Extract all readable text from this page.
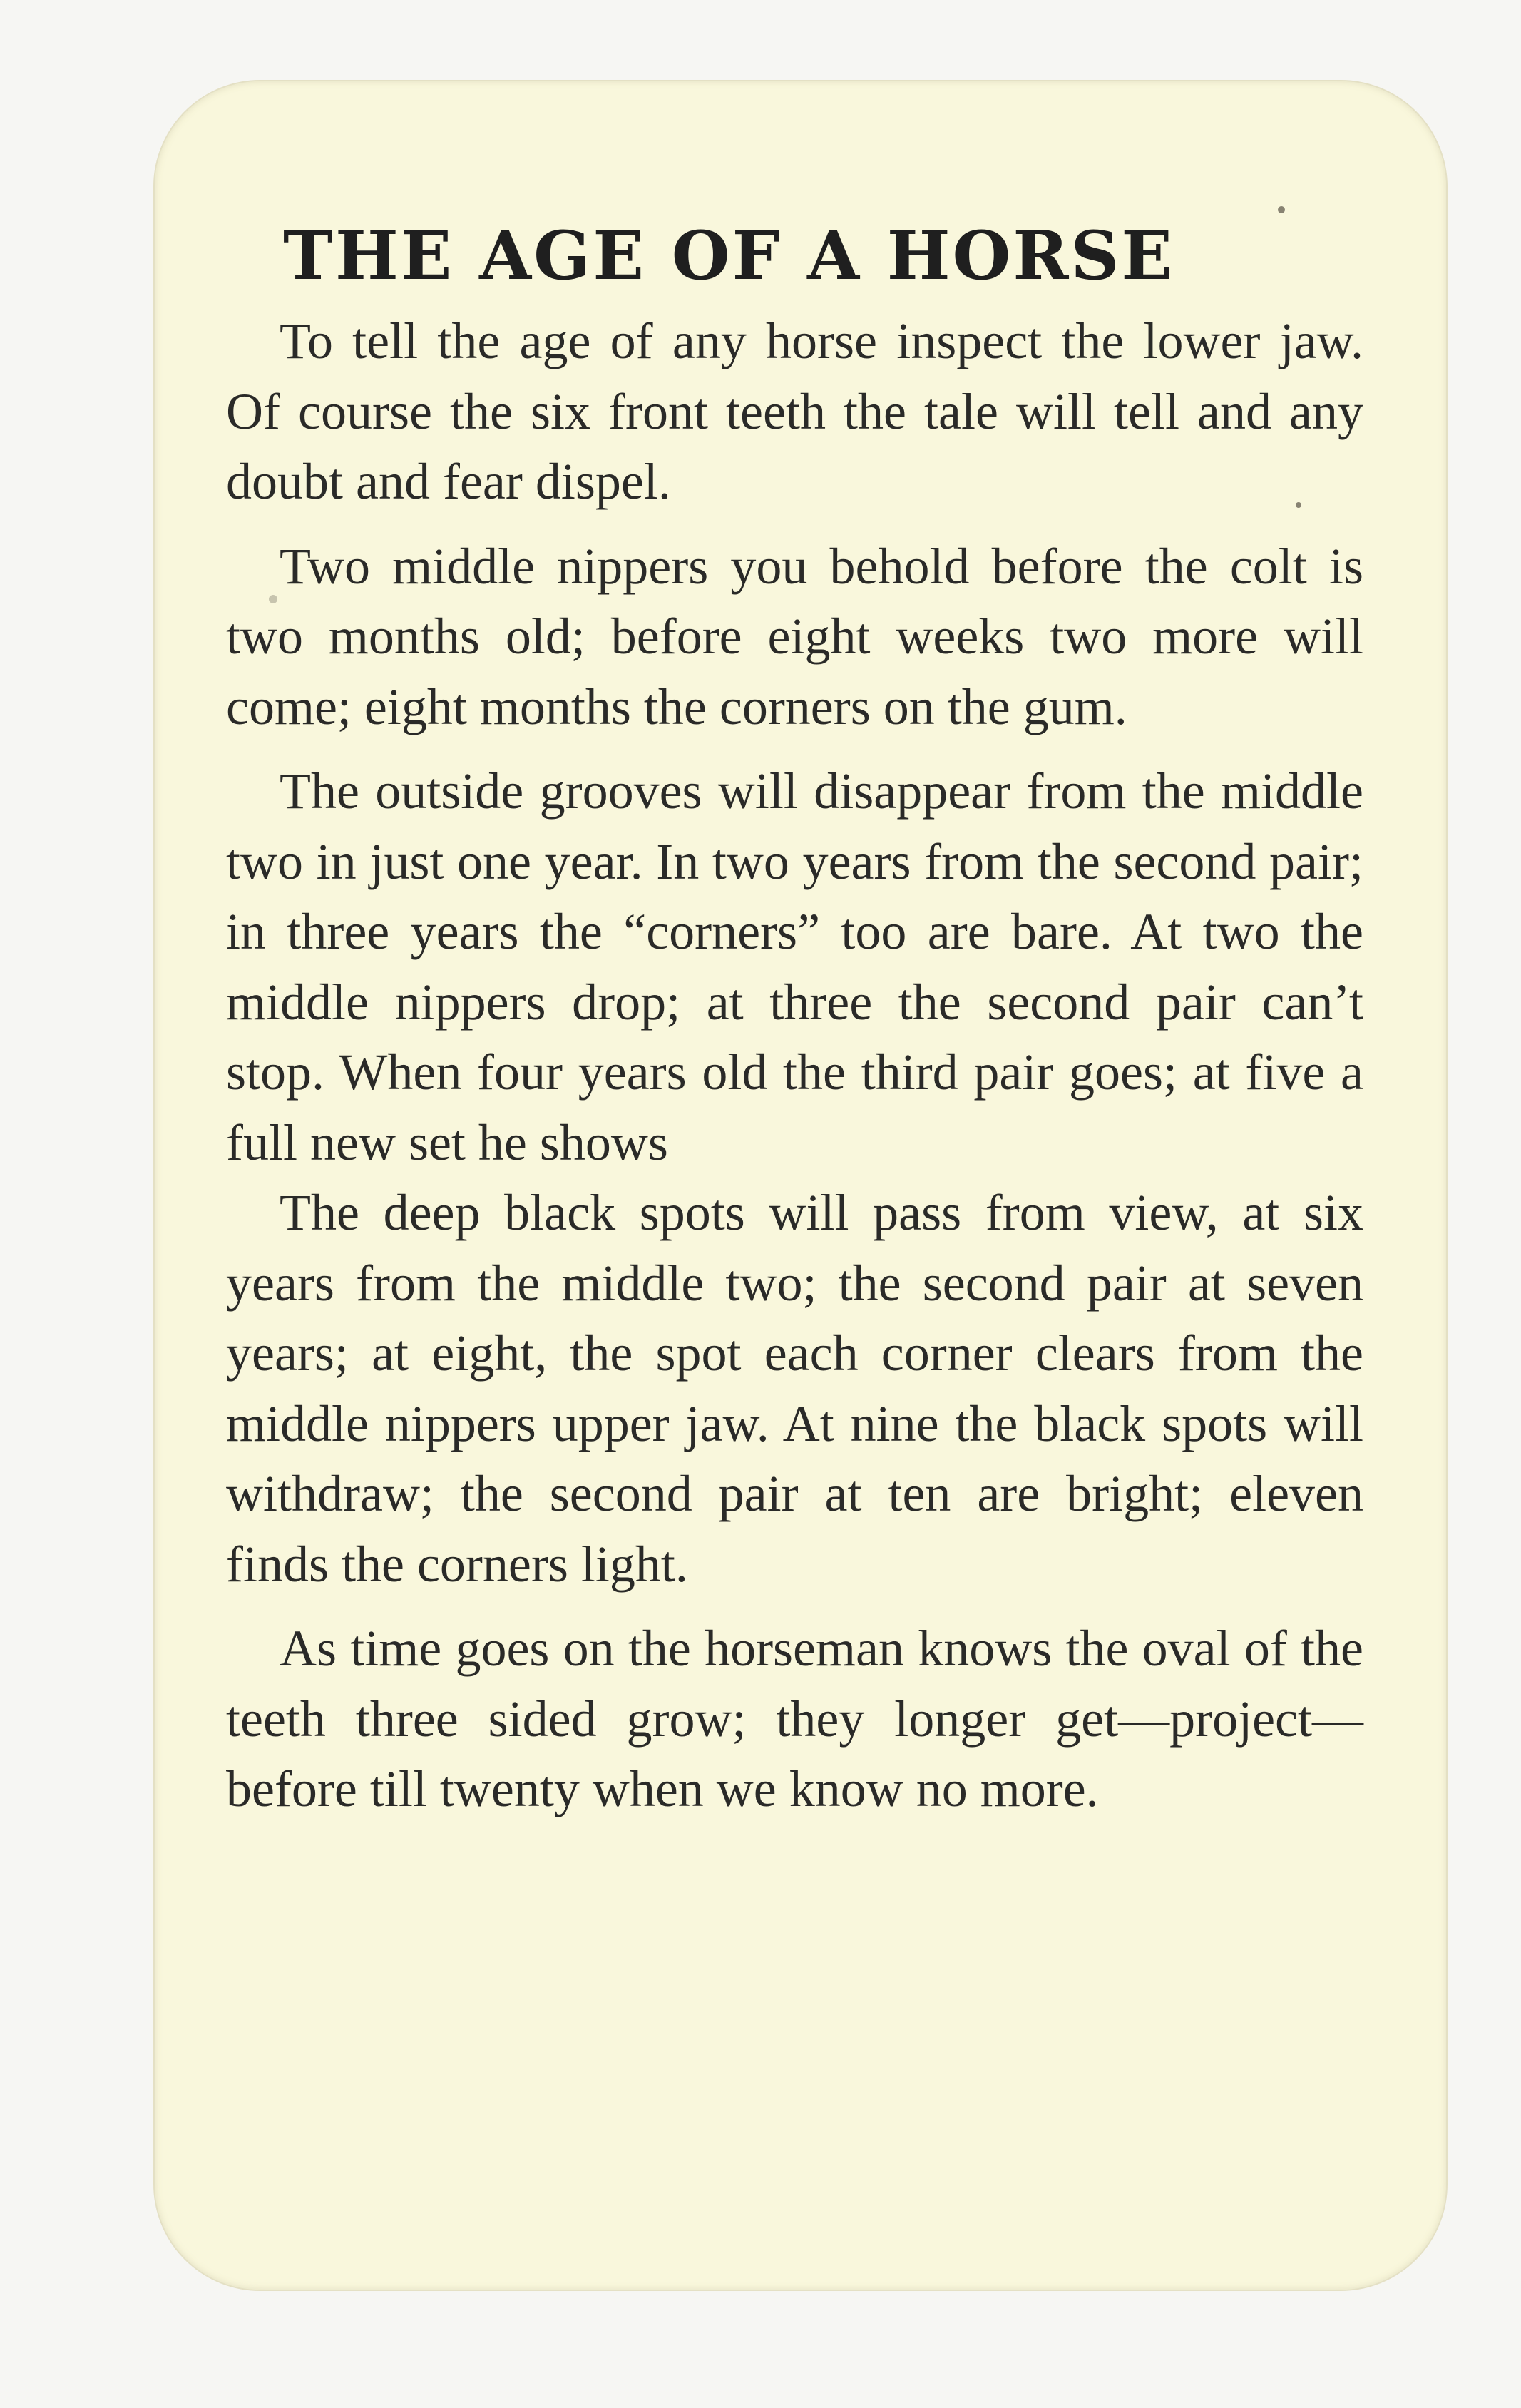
THE AGE OF A HORSE

To tell the age of any horse inspect the lower jaw. Of course the six front teeth the tale will tell and any doubt and fear dispel.

Two middle nippers you behold before the colt is two months old; before eight weeks two more will come; eight months the corners on the gum.

The outside grooves will disappear from the middle two in just one year. In two years from the second pair; in three years the “corners” too are bare. At two the middle nippers drop; at three the second pair can’t stop. When four years old the third pair goes; at five a full new set he shows

The deep black spots will pass from view, at six years from the middle two; the second pair at seven years; at eight, the spot each corner clears from the middle nippers upper jaw. At nine the black spots will withdraw; the second pair at ten are bright; eleven finds the corners light.

As time goes on the horseman knows the oval of the teeth three sided grow; they longer get—project—before till twenty when we know no more.
